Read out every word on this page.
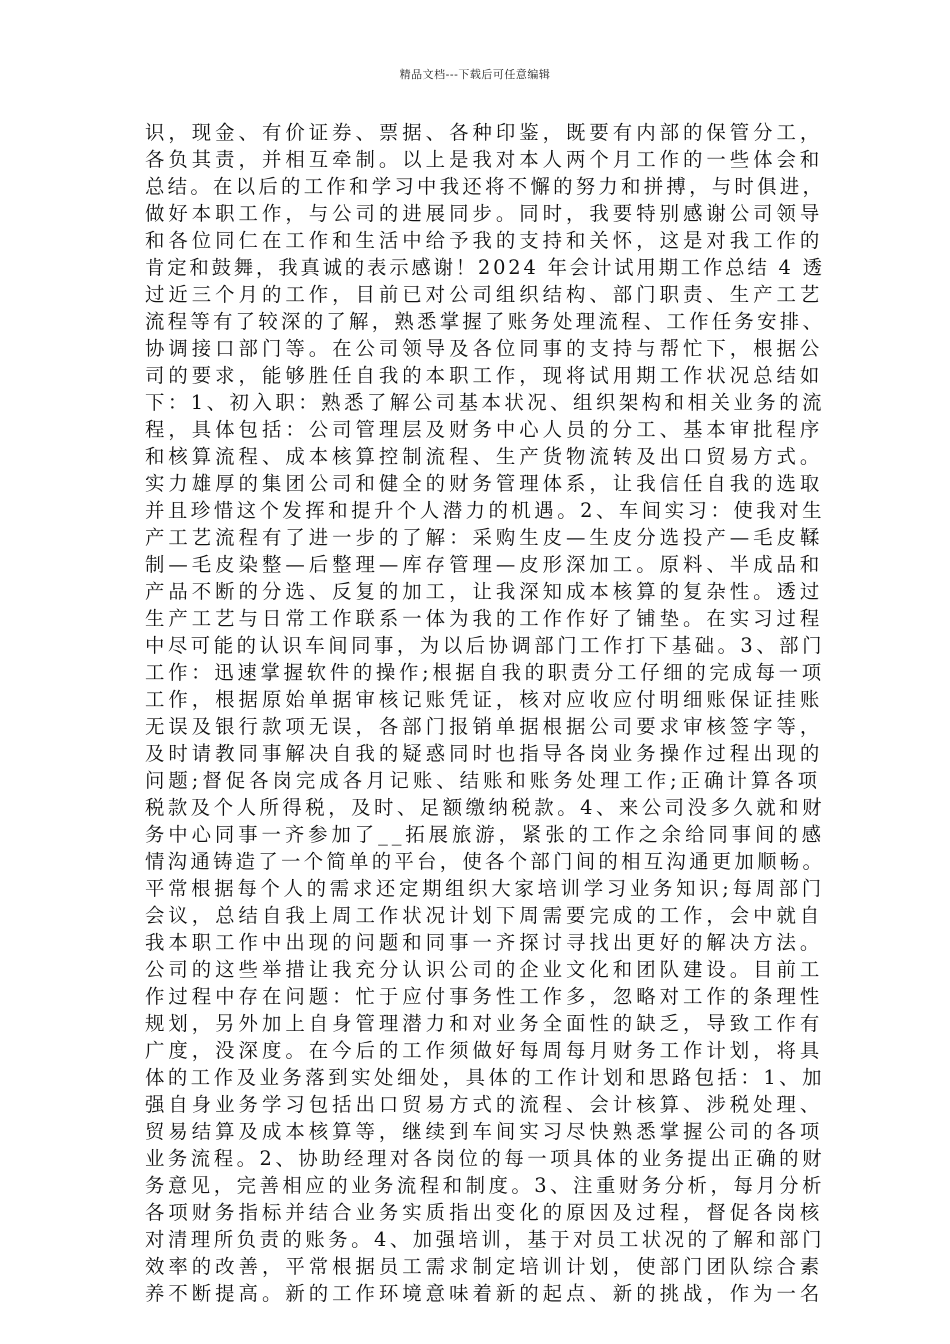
精品文档---下载后可任意编辑
识，现金、有价证券、票据、各种印鉴，既要有内部的保管分工，
各负其责，并相互牵制。以上是我对本人两个月工作的一些体会和
总结。在以后的工作和学习中我还将不懈的努力和拼搏，与时俱进，
做好本职工作，与公司的进展同步。同时，我要特别感谢公司领导
和各位同仁在工作和生活中给予我的支持和关怀，这是对我工作的
肯定和鼓舞，我真诚的表示感谢！2024 年会计试用期工作总结 4 透
过近三个月的工作，目前已对公司组织结构、部门职责、生产工艺
流程等有了较深的了解，熟悉掌握了账务处理流程、工作任务安排、
协调接口部门等。在公司领导及各位同事的支持与帮忙下，根据公
司的要求，能够胜任自我的本职工作，现将试用期工作状况总结如
下：1、初入职：熟悉了解公司基本状况、组织架构和相关业务的流
程，具体包括：公司管理层及财务中心人员的分工、基本审批程序
和核算流程、成本核算控制流程、生产货物流转及出口贸易方式。
实力雄厚的集团公司和健全的财务管理体系，让我信任自我的选取
并且珍惜这个发挥和提升个人潜力的机遇。2、车间实习：使我对生
产工艺流程有了进一步的了解：采购生皮—生皮分选投产—毛皮鞣
制—毛皮染整—后整理—库存管理—皮形深加工。原料、半成品和
产品不断的分选、反复的加工，让我深知成本核算的复杂性。透过
生产工艺与日常工作联系一体为我的工作作好了铺垫。在实习过程
中尽可能的认识车间同事，为以后协调部门工作打下基础。3、部门
工作：迅速掌握软件的操作;根据自我的职责分工仔细的完成每一项
工作，根据原始单据审核记账凭证，核对应收应付明细账保证挂账
无误及银行款项无误，各部门报销单据根据公司要求审核签字等，
及时请教同事解决自我的疑惑同时也指导各岗业务操作过程出现的
问题;督促各岗完成各月记账、结账和账务处理工作;正确计算各项
税款及个人所得税，及时、足额缴纳税款。4、来公司没多久就和财
务中心同事一齐参加了__拓展旅游，紧张的工作之余给同事间的感
情沟通铸造了一个简单的平台，使各个部门间的相互沟通更加顺畅。
平常根据每个人的需求还定期组织大家培训学习业务知识;每周部门
会议，总结自我上周工作状况计划下周需要完成的工作，会中就自
我本职工作中出现的问题和同事一齐探讨寻找出更好的解决方法。
公司的这些举措让我充分认识公司的企业文化和团队建设。目前工
作过程中存在问题：忙于应付事务性工作多，忽略对工作的条理性
规划，另外加上自身管理潜力和对业务全面性的缺乏，导致工作有
广度，没深度。在今后的工作须做好每周每月财务工作计划，将具
体的工作及业务落到实处细处，具体的工作计划和思路包括：1、加
强自身业务学习包括出口贸易方式的流程、会计核算、涉税处理、
贸易结算及成本核算等，继续到车间实习尽快熟悉掌握公司的各项
业务流程。2、协助经理对各岗位的每一项具体的业务提出正确的财
务意见，完善相应的业务流程和制度。3、注重财务分析，每月分析
各项财务指标并结合业务实质指出变化的原因及过程，督促各岗核
对清理所负责的账务。4、加强培训，基于对员工状况的了解和部门
效率的改善，平常根据员工需求制定培训计划，使部门团队综合素
养不断提高。新的工作环境意味着新的起点、新的挑战，作为一名
